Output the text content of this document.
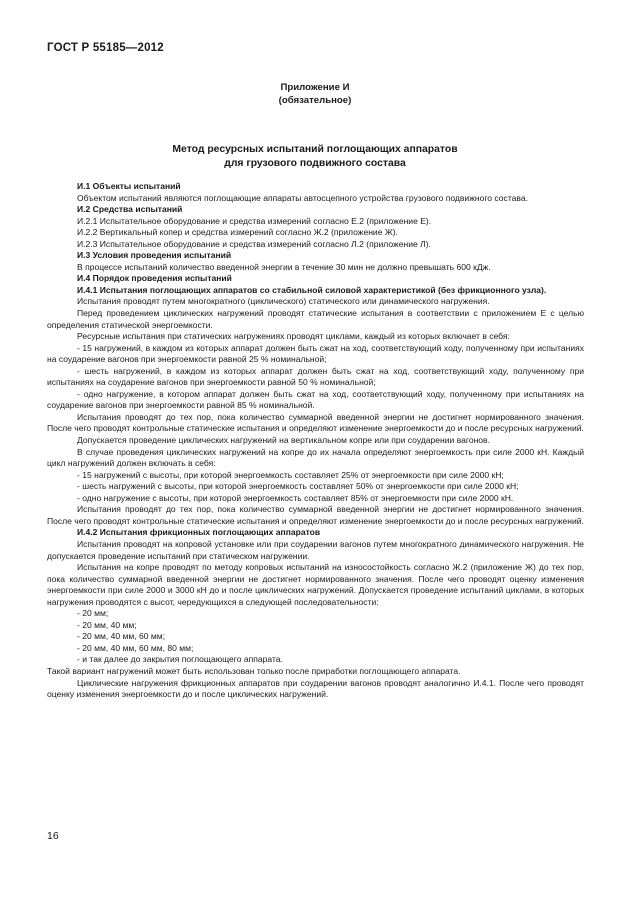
ГОСТ Р 55185—2012
Приложение И
(обязательное)
Метод ресурсных испытаний поглощающих аппаратов
для грузового подвижного состава

И.1 Объекты испытаний

Объектом испытаний являются поглощающие аппараты автосцепного устройства грузового подвижного состава.

И.2 Средства испытаний

И.2.1 Испытательное оборудование и средства измерений согласно Е.2 (приложение Е).

И.2.2 Вертикальный копер и средства измерений согласно Ж.2 (приложение Ж).

И.2.3 Испытательное оборудование и средства измерений согласно Л.2 (приложение Л).

И.3 Условия проведения испытаний

В процессе испытаний количество введенной энергии в течение 30 мин не должно превышать 600 кДж.

И.4 Порядок проведения испытаний

И.4.1 Испытания поглощающих аппаратов со стабильной силовой характеристикой (без фрикционного узла).

Испытания проводят путем многократного (циклического) статического или динамического нагружения.

Перед проведением циклических нагружений проводят статические испытания в соответствии с приложением Е с целью определения статической энергоемкости.

Ресурсные испытания при статических нагружениях проводят циклами, каждый из которых включает в себя:

- 15 нагружений, в каждом из которых аппарат должен быть сжат на ход, соответствующий ходу, полученному при испытаниях на соударение вагонов при энергоемкости равной 25 % номинальной;

- шесть нагружений, в каждом из которых аппарат должен быть сжат на ход, соответствующий ходу, полученному при испытаниях на соударение вагонов при энергоемкости равной 50 % номинальной;

- одно нагружение, в котором аппарат должен быть сжат на ход, соответствующий ходу, полученному при испытаниях на соударение вагонов при энергоемкости равной 85 % номинальной.

Испытания проводят до тех пор, пока количество суммарной введенной энергии не достигнет нормированного значения. После чего проводят контрольные статические испытания и определяют изменение энергоемкости до и после ресурсных нагружений.

Допускается проведение циклических нагружений на вертикальном копре или при соударении вагонов.

В случае проведения циклических нагружений на копре до их начала определяют энергоемкость при силе 2000 кН. Каждый цикл нагружений должен включать в себя:

- 15 нагружений с высоты, при которой энергоемкость составляет 25% от энергоемкости при силе 2000 кН;

- шесть нагружений с высоты, при которой энергоемкость составляет 50% от энергоемкости при силе 2000 кН;

- одно нагружение с высоты, при которой энергоемкость составляет 85% от энергоемкости при силе 2000 кН.

Испытания проводят до тех пор, пока количество суммарной введенной энергии не достигнет нормированного значения. После чего проводят контрольные статические испытания и определяют изменение энергоемкости до и после ресурсных нагружений.

И.4.2 Испытания фрикционных поглощающих аппаратов

Испытания проводят на копровой установке или при соударении вагонов путем многократного динамического нагружения. Не допускается проведение испытаний при статическом нагружении.

Испытания на копре проводят по методу копровых испытаний на износостойкость согласно Ж.2 (приложение Ж) до тех пор, пока количество суммарной введенной энергии не достигнет нормированного значения. После чего проводят оценку изменения энергоемкости при силе 2000 и 3000 кН до и после циклических нагружений. Допускается проведение испытаний циклами, в которых нагружения проводятся с высот, чередующихся в следующей последовательности:

- 20 мм;

- 20 мм, 40 мм;

- 20 мм, 40 мм, 60 мм;

- 20 мм, 40 мм, 60 мм, 80 мм;

- и так далее до закрытия поглощающего аппарата.

Такой вариант нагружений может быть использован только после приработки поглощающего аппарата.

Циклические нагружения фрикционных аппаратов при соударении вагонов проводят аналогично И.4.1. После чего проводят оценку изменения энергоемкости до и после циклических нагружений.

16
